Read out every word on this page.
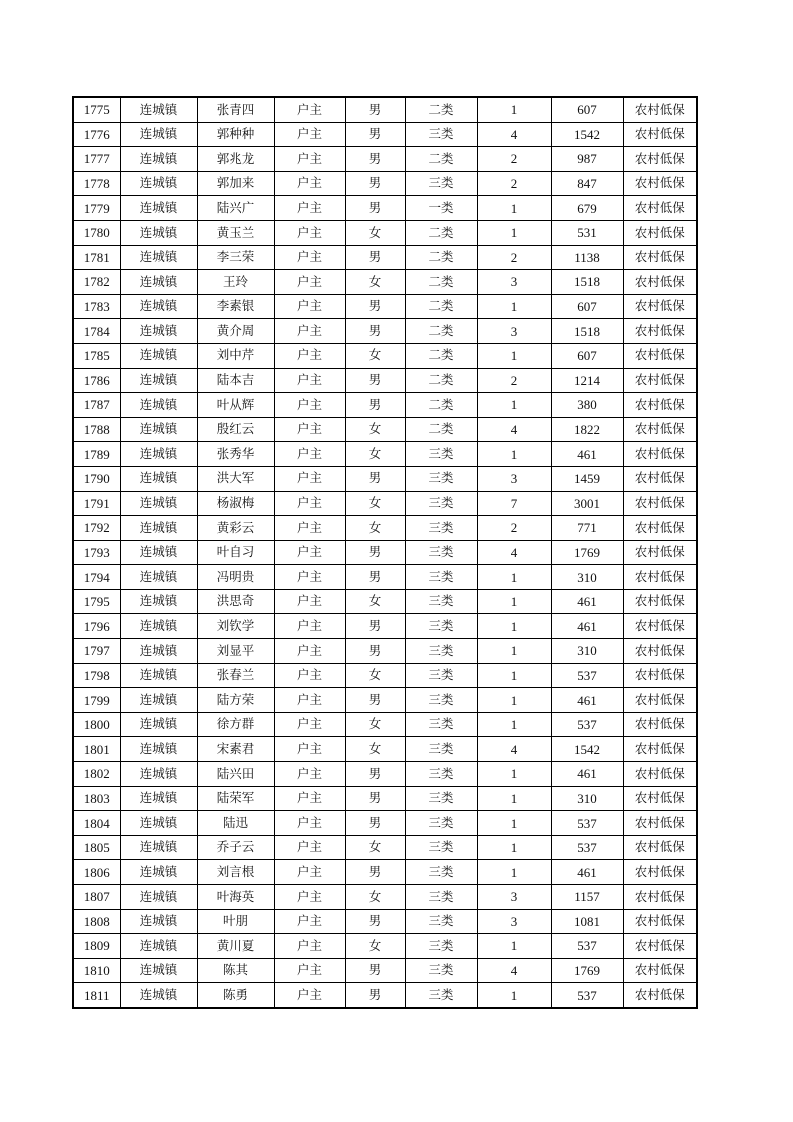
1775	连城镇	张青四	户主	男	二类	1	607	农村低保
1776	连城镇	郭种种	户主	男	三类	4	1542	农村低保
1777	连城镇	郭兆龙	户主	男	二类	2	987	农村低保
1778	连城镇	郭加来	户主	男	三类	2	847	农村低保
1779	连城镇	陆兴广	户主	男	一类	1	679	农村低保
1780	连城镇	黄玉兰	户主	女	二类	1	531	农村低保
1781	连城镇	李三荣	户主	男	二类	2	1138	农村低保
1782	连城镇	王玲	户主	女	二类	3	1518	农村低保
1783	连城镇	李素银	户主	男	二类	1	607	农村低保
1784	连城镇	黄介周	户主	男	二类	3	1518	农村低保
1785	连城镇	刘中芹	户主	女	二类	1	607	农村低保
1786	连城镇	陆本吉	户主	男	二类	2	1214	农村低保
1787	连城镇	叶从辉	户主	男	二类	1	380	农村低保
1788	连城镇	殷红云	户主	女	二类	4	1822	农村低保
1789	连城镇	张秀华	户主	女	三类	1	461	农村低保
1790	连城镇	洪大军	户主	男	三类	3	1459	农村低保
1791	连城镇	杨淑梅	户主	女	三类	7	3001	农村低保
1792	连城镇	黄彩云	户主	女	三类	2	771	农村低保
1793	连城镇	叶自习	户主	男	三类	4	1769	农村低保
1794	连城镇	冯明贵	户主	男	三类	1	310	农村低保
1795	连城镇	洪思奇	户主	女	三类	1	461	农村低保
1796	连城镇	刘钦学	户主	男	三类	1	461	农村低保
1797	连城镇	刘显平	户主	男	三类	1	310	农村低保
1798	连城镇	张春兰	户主	女	三类	1	537	农村低保
1799	连城镇	陆方荣	户主	男	三类	1	461	农村低保
1800	连城镇	徐方群	户主	女	三类	1	537	农村低保
1801	连城镇	宋素君	户主	女	三类	4	1542	农村低保
1802	连城镇	陆兴田	户主	男	三类	1	461	农村低保
1803	连城镇	陆荣军	户主	男	三类	1	310	农村低保
1804	连城镇	陆迅	户主	男	三类	1	537	农村低保
1805	连城镇	乔子云	户主	女	三类	1	537	农村低保
1806	连城镇	刘言根	户主	男	三类	1	461	农村低保
1807	连城镇	叶海英	户主	女	三类	3	1157	农村低保
1808	连城镇	叶朋	户主	男	三类	3	1081	农村低保
1809	连城镇	黄川夏	户主	女	三类	1	537	农村低保
1810	连城镇	陈其	户主	男	三类	4	1769	农村低保
1811	连城镇	陈勇	户主	男	三类	1	537	农村低保
